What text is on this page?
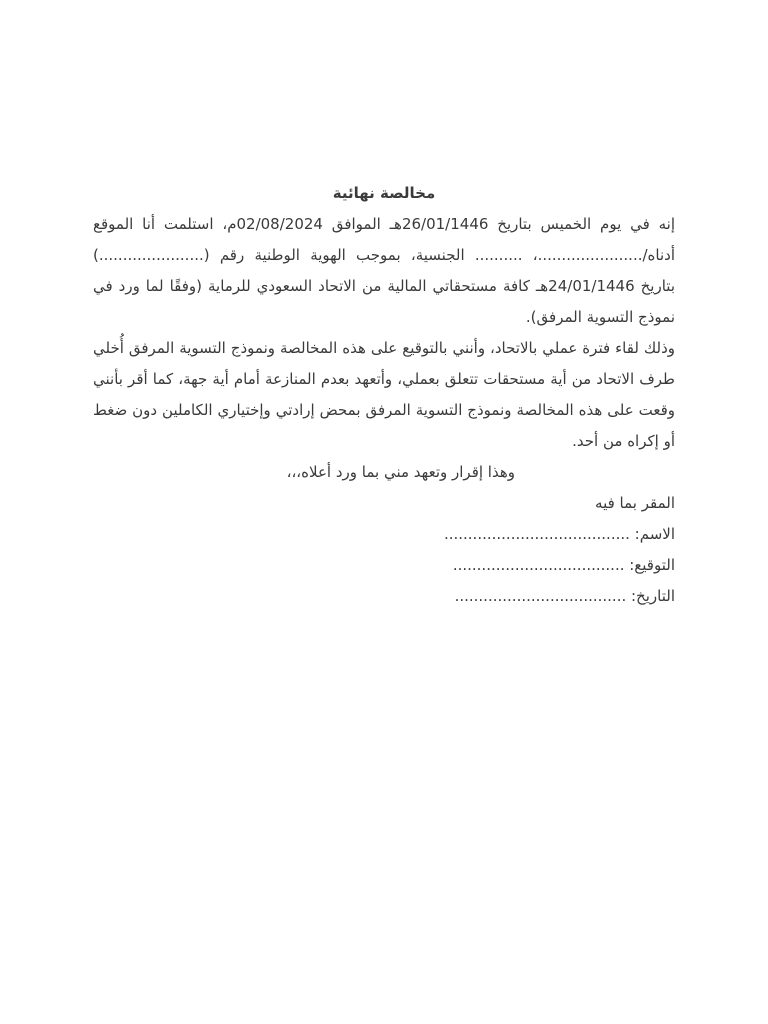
مخالصة نهائية

إنه في يوم الخميس بتاريخ 26/01/1446هـ الموافق 02/08/2024م، استلمت أنا الموقع أدناه/......................، .......... الجنسية، بموجب الهوية الوطنية رقم (......................) بتاريخ 24/01/1446هـ كافة مستحقاتي المالية من الاتحاد السعودي للرماية (وفقًا لما ورد في نموذج التسوية المرفق).

وذلك لقاء فترة عملي بالاتحاد، وأنني بالتوقيع على هذه المخالصة ونموذج التسوية المرفق أُخلي طرف الاتحاد من أية مستحقات تتعلق بعملي، وأتعهد بعدم المنازعة أمام أية جهة، كما أقر بأنني وقعت على هذه المخالصة ونموذج التسوية المرفق بمحض إرادتي وإختياري الكاملين دون ضغط أو إكراه من أحد.

وهذا إقرار وتعهد مني بما ورد أعلاه،،،

المقر بما فيه

الاسم: .......................................

التوقيع: ....................................

التاريخ: ....................................
